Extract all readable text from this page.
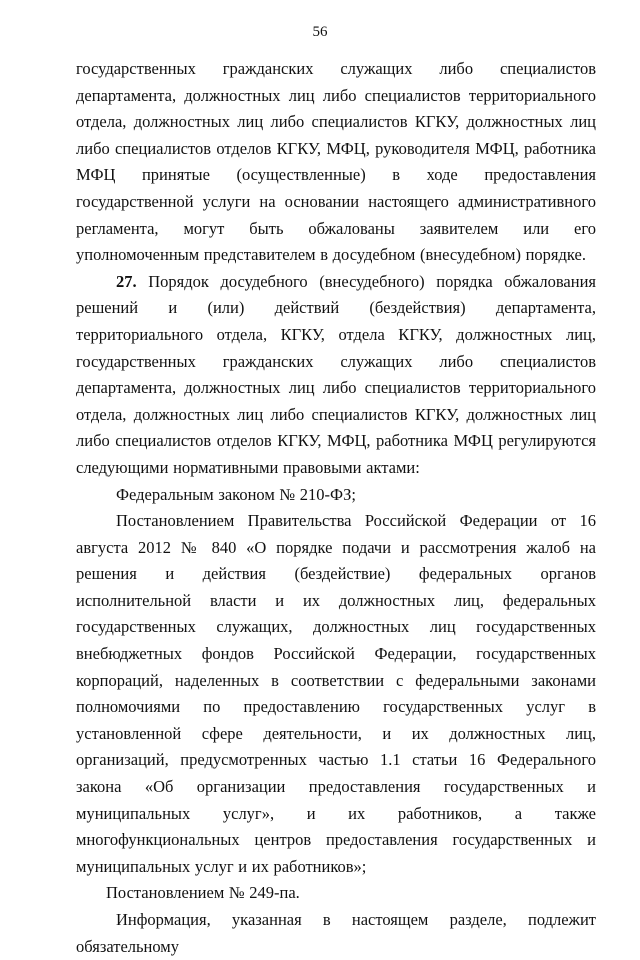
56

государственных гражданских служащих либо специалистов департамента, должностных лиц либо специалистов территориального отдела, должностных лиц либо специалистов КГКУ, должностных лиц либо специалистов отделов КГКУ, МФЦ, руководителя МФЦ, работника МФЦ принятые (осуществленные) в ходе предоставления государственной услуги на основании настоящего административного регламента, могут быть обжалованы заявителем или его уполномоченным представителем в досудебном (внесудебном) порядке.

27. Порядок досудебного (внесудебного) порядка обжалования решений и (или) действий (бездействия) департамента, территориального отдела, КГКУ, отдела КГКУ, должностных лиц, государственных гражданских служащих либо специалистов департамента, должностных лиц либо специалистов территориального отдела, должностных лиц либо специалистов КГКУ, должностных лиц либо специалистов отделов КГКУ, МФЦ, работника МФЦ регулируются следующими нормативными правовыми актами:

Федеральным законом № 210-ФЗ;

Постановлением Правительства Российской Федерации от 16 августа 2012 № 840 «О порядке подачи и рассмотрения жалоб на решения и действия (бездействие) федеральных органов исполнительной власти и их должностных лиц, федеральных государственных служащих, должностных лиц государственных внебюджетных фондов Российской Федерации, государственных корпораций, наделенных в соответствии с федеральными законами полномочиями по предоставлению государственных услуг в установленной сфере деятельности, и их должностных лиц, организаций, предусмотренных частью 1.1 статьи 16 Федерального закона «Об организации предоставления государственных и муниципальных услуг», и их работников, а также многофункциональных центров предоставления государственных и муниципальных услуг и их работников»;

Постановлением № 249-па.

Информация, указанная в настоящем разделе, подлежит обязательному
